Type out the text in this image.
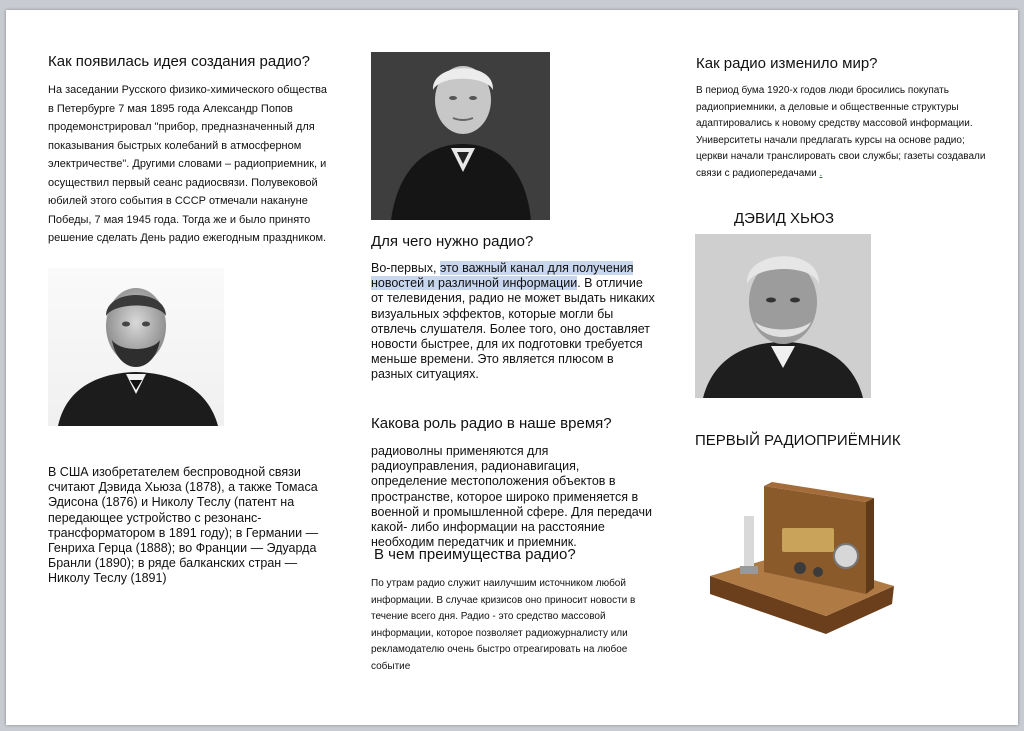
Как появилась идея создания радио?
На заседании Русского физико-химического общества в Петербурге 7 мая 1895 года Александр Попов продемонстрировал "прибор, предназначенный для показывания быстрых колебаний в атмосферном электричестве". Другими словами – радиоприемник, и осуществил первый сеанс радиосвязи. Полувековой юбилей этого события в СССР отмечали накануне Победы, 7 мая 1945 года. Тогда же и было принято решение сделать День радио ежегодным праздником.
В США изобретателем беспроводной связи считают Дэвида Хьюза (1878), а также Томаса Эдисона (1876) и Николу Теслу (патент на передающее устройство с резонанс-трансформатором в 1891 году); в Германии — Генриха Герца (1888); во Франции — Эдуарда Бранли (1890); в ряде балканских стран — Николу Теслу (1891)
Для чего нужно радио?
Во-первых, это важный канал для получения новостей и различной информации. В отличие от телевидения, радио не может выдать никаких визуальных эффектов, которые могли бы отвлечь слушателя. Более того, оно доставляет новости быстрее, для их подготовки требуется меньше времени. Это является плюсом в разных ситуациях.
Какова роль радио в наше время?
радиоволны применяются для радиоуправления, радионавигация, определение местоположения объектов в пространстве, которое широко применяется в военной и промышленной сфере. Для передачи какой- либо информации на расстояние необходим передатчик и приемник.
В чем преимущества радио?
По утрам радио служит наилучшим источником любой информации. В случае кризисов оно приносит новости в течение всего дня. Радио - это средство массовой информации, которое позволяет радиожурналисту или рекламодателю очень быстро отреагировать на любое событие
Как радио изменило мир?
В период бума 1920-х годов люди бросились покупать радиоприемники, а деловые и общественные структуры адаптировались к новому средству массовой информации. Университеты начали предлагать курсы на основе радио; церкви начали транслировать свои службы; газеты создавали связи с радиопередачами .
ДЭВИД ХЬЮЗ
ПЕРВЫЙ РАДИОПРИЁМНИК
